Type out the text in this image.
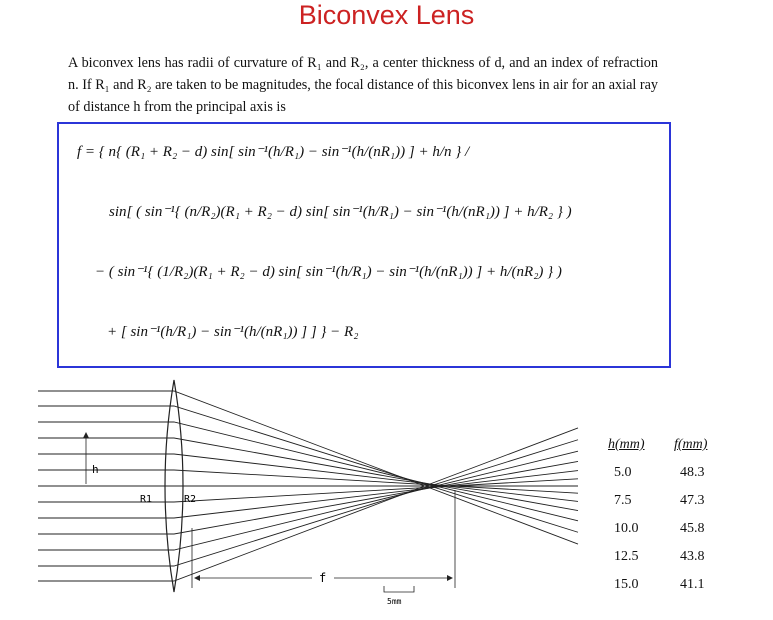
Biconvex Lens

A biconvex lens has radii of curvature of R₁ and R₂, a center thickness of d, and an index of refraction n. If R₁ and R₂ are taken to be magnitudes, the focal distance of this biconvex lens in air for an axial ray of distance h from the principal axis is

f = { n{ (R₁ + R₂ − d) sin[ sin⁻¹(h/R₁) − sin⁻¹(h/(nR₁)) ] + h/n } /
sin[ ( sin⁻¹{ (n/R₂)(R₁ + R₂ − d) sin[ sin⁻¹(h/R₁) − sin⁻¹(h/(nR₁)) ] + h/R₂ } )
− ( sin⁻¹{ (1/R₂)(R₁ + R₂ − d) sin[ sin⁻¹(h/R₁) − sin⁻¹(h/(nR₁)) ] + h/(nR₂) } )
+ [ sin⁻¹(h/R₁) − sin⁻¹(h/(nR₁)) ] ] } − R₂
h
R1	R2
f
5mm
h(mm)	f(mm)
5.0	48.3
7.5	47.3
10.0	45.8
12.5	43.8
15.0	41.1
